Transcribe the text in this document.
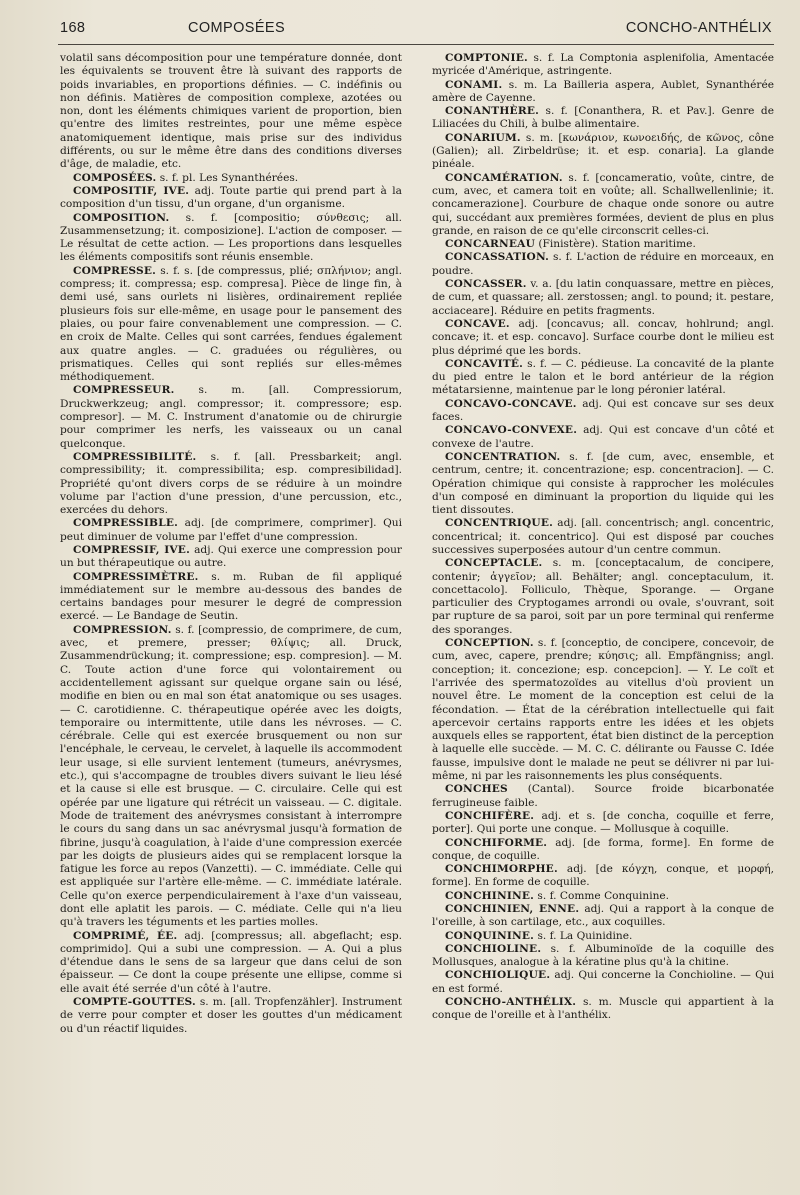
168	COMPOSÉES	CONCHO-ANTHÉLIX

volatil sans décomposition pour une température donnée, dont les équivalents se trouvent être là suivant des rapports de poids invariables, en proportions définies. — C. indéfinis ou non définis. Matières de composition complexe, azotées ou non, dont les éléments chimiques varient de proportion, bien qu'entre des limites restreintes, pour une même espèce anatomiquement identique, mais prise sur des individus différents, ou sur le même être dans des conditions diverses d'âge, de maladie, etc.

COMPOSÉES. s. f. pl. Les Synanthérées.

COMPOSITIF, IVE. adj. Toute partie qui prend part à la composition d'un tissu, d'un organe, d'un organisme.

COMPOSITION. s. f. [compositio; σύνθεσις; all. Zusammensetzung; it. composizione]. L'action de composer. — Le résultat de cette action. — Les proportions dans lesquelles les éléments compositifs sont réunis ensemble.

COMPRESSE. s. f. s. [de compressus, plié; σπλήνιον; angl. compress; it. compressa; esp. compresa]. Pièce de linge fin, à demi usé, sans ourlets ni lisières, ordinairement repliée plusieurs fois sur elle-même, en usage pour le pansement des plaies, ou pour faire convenablement une compression. — C. en croix de Malte. Celles qui sont carrées, fendues également aux quatre angles. — C. graduées ou régulières, ou prismatiques. Celles qui sont repliés sur elles-mêmes méthodiquement.

COMPRESSEUR. s. m. [all. Compressiorum, Druckwerkzeug; angl. compressor; it. compressore; esp. compresor]. — M. C. Instrument d'anatomie ou de chirurgie pour comprimer les nerfs, les vaisseaux ou un canal quelconque.

COMPRESSIBILITÉ. s. f. [all. Pressbarkeit; angl. compressibility; it. compressibilita; esp. compresibilidad]. Propriété qu'ont divers corps de se réduire à un moindre volume par l'action d'une pression, d'une percussion, etc., exercées du dehors.

COMPRESSIBLE. adj. [de comprimere, comprimer]. Qui peut diminuer de volume par l'effet d'une compression.

COMPRESSIF, IVE. adj. Qui exerce une compression pour un but thérapeutique ou autre.

COMPRESSIMÈTRE. s. m. Ruban de fil appliqué immédiatement sur le membre au-dessous des bandes de certains bandages pour mesurer le degré de compression exercé. — Le Bandage de Seutin.

COMPRESSION. s. f. [compressio, de comprimere, de cum, avec, et premere, presser; θλίψις; all. Druck, Zusammendrückung; it. compressione; esp. compresion]. — M. C. Toute action d'une force qui volontairement ou accidentellement agissant sur quelque organe sain ou lésé, modifie en bien ou en mal son état anatomique ou ses usages. — C. carotidienne. C. thérapeutique opérée avec les doigts, temporaire ou intermittente, utile dans les névroses. — C. cérébrale. Celle qui est exercée brusquement ou non sur l'encéphale, le cerveau, le cervelet, à laquelle ils accommodent leur usage, si elle survient lentement (tumeurs, anévrysmes, etc.), qui s'accompagne de troubles divers suivant le lieu lésé et la cause si elle est brusque. — C. circulaire. Celle qui est opérée par une ligature qui rétrécit un vaisseau. — C. digitale. Mode de traitement des anévrysmes consistant à interrompre le cours du sang dans un sac anévrysmal jusqu'à formation de fibrine, jusqu'à coagulation, à l'aide d'une compression exercée par les doigts de plusieurs aides qui se remplacent lorsque la fatigue les force au repos (Vanzetti). — C. immédiate. Celle qui est appliquée sur l'artère elle-même. — C. immédiate latérale. Celle qu'on exerce perpendiculairement à l'axe d'un vaisseau, dont elle aplatit les parois. — C. médiate. Celle qui n'a lieu qu'à travers les téguments et les parties molles.

COMPRIMÉ, ÉE. adj. [compressus; all. abgeflacht; esp. comprimido]. Qui a subi une compression. — A. Qui a plus d'étendue dans le sens de sa largeur que dans celui de son épaisseur. — Ce dont la coupe présente une ellipse, comme si elle avait été serrée d'un côté à l'autre.

COMPTE-GOUTTES. s. m. [all. Tropfenzähler]. Instrument de verre pour compter et doser les gouttes d'un médicament ou d'un réactif liquides.

COMPTONIE. s. f. La Comptonia asplenifolia, Amentacée myricée d'Amérique, astringente.

CONAMI. s. m. La Bailleria aspera, Aublet, Synanthérée amère de Cayenne.

CONANTHÈRE. s. f. [Conanthera, R. et Pav.]. Genre de Liliacées du Chili, à bulbe alimentaire.

CONARIUM. s. m. [κωνάριον, κωνοειδής, de κῶνος, cône (Galien); all. Zirbeldrüse; it. et esp. conaria]. La glande pinéale.

CONCAMÉRATION. s. f. [concameratio, voûte, cintre, de cum, avec, et camera toit en voûte; all. Schallwellenlinie; it. concamerazione]. Courbure de chaque onde sonore ou autre qui, succédant aux premières formées, devient de plus en plus grande, en raison de ce qu'elle circonscrit celles-ci.

CONCARNEAU (Finistère). Station maritime.

CONCASSATION. s. f. L'action de réduire en morceaux, en poudre.

CONCASSER. v. a. [du latin conquassare, mettre en pièces, de cum, et quassare; all. zerstossen; angl. to pound; it. pestare, acciaceare]. Réduire en petits fragments.

CONCAVE. adj. [concavus; all. concav, hohlrund; angl. concave; it. et esp. concavo]. Surface courbe dont le milieu est plus déprimé que les bords.

CONCAVITÉ. s. f. — C. pédieuse. La concavité de la plante du pied entre le talon et le bord antérieur de la région métatarsienne, maintenue par le long péronier latéral.

CONCAVO-CONCAVE. adj. Qui est concave sur ses deux faces.

CONCAVO-CONVEXE. adj. Qui est concave d'un côté et convexe de l'autre.

CONCENTRATION. s. f. [de cum, avec, ensemble, et centrum, centre; it. concentrazione; esp. concentracion]. — C. Opération chimique qui consiste à rapprocher les molécules d'un composé en diminuant la proportion du liquide qui les tient dissoutes.

CONCENTRIQUE. adj. [all. concentrisch; angl. concentric, concentrical; it. concentrico]. Qui est disposé par couches successives superposées autour d'un centre commun.

CONCEPTACLE. s. m. [conceptacalum, de concipere, contenir; ἀγγεῖον; all. Behälter; angl. conceptaculum, it. concettacolo]. Folliculo, Thèque, Sporange. — Organe particulier des Cryptogames arrondi ou ovale, s'ouvrant, soit par rupture de sa paroi, soit par un pore terminal qui renferme des sporanges.

CONCEPTION. s. f. [conceptio, de concipere, concevoir, de cum, avec, capere, prendre; κύησις; all. Empfängniss; angl. conception; it. concezione; esp. concepcion]. — Y. Le coït et l'arrivée des spermatozoïdes au vitellus d'où provient un nouvel être. Le moment de la conception est celui de la fécondation. — État de la cérébration intellectuelle qui fait apercevoir certains rapports entre les idées et les objets auxquels elles se rapportent, état bien distinct de la perception à laquelle elle succède. — M. C. C. délirante ou Fausse C. Idée fausse, impulsive dont le malade ne peut se délivrer ni par lui-même, ni par les raisonnements les plus conséquents.

CONCHES (Cantal). Source froide bicarbonatée ferrugineuse faible.

CONCHIFÈRE. adj. et s. [de concha, coquille et ferre, porter]. Qui porte une conque. — Mollusque à coquille.

CONCHIFORME. adj. [de forma, forme]. En forme de conque, de coquille.

CONCHIMORPHE. adj. [de κόγχη, conque, et μορφή, forme]. En forme de coquille.

CONCHININE. s. f. Comme Conquinine.

CONCHINIEN, ENNE. adj. Qui a rapport à la conque de l'oreille, à son cartilage, etc., aux coquilles.

CONQUININE. s. f. La Quinidine.

CONCHIOLINE. s. f. Albuminoïde de la coquille des Mollusques, analogue à la kératine plus qu'à la chitine.

CONCHIOLIQUE. adj. Qui concerne la Conchioline. — Qui en est formé.

CONCHO-ANTHÉLIX. s. m. Muscle qui appartient à la conque de l'oreille et à l'anthélix.
